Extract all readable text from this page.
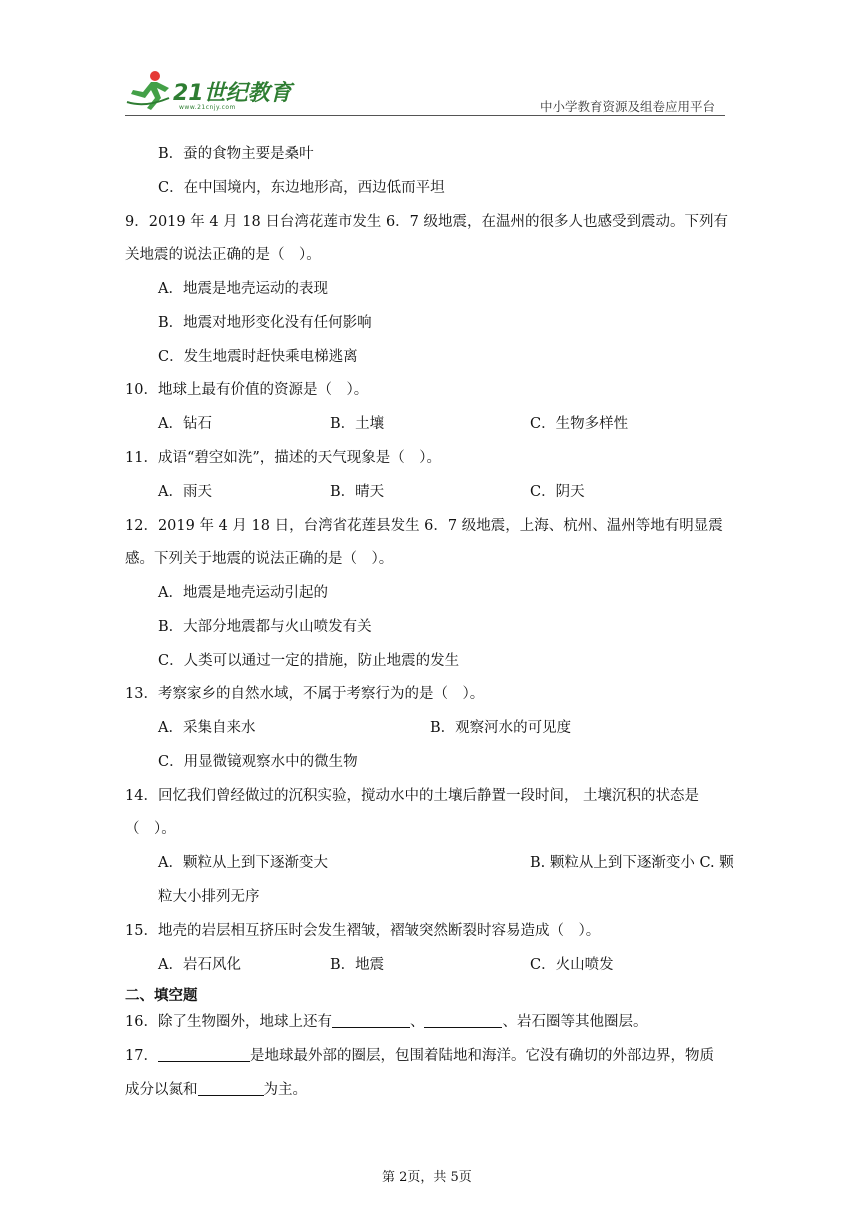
21世纪教育
www.21cnjy.com	中小学教育资源及组卷应用平台
B．蚕的食物主要是桑叶
C．在中国境内，东边地形高，西边低而平坦
9．2019 年 4 月 18 日台湾花莲市发生 6．7 级地震，在温州的很多人也感受到震动。下列有
关地震的说法正确的是（　）。
A．地震是地壳运动的表现
B．地震对地形变化没有任何影响
C．发生地震时赶快乘电梯逃离
10．地球上最有价值的资源是（　）。
A．钻石	B．土壤	C．生物多样性
11．成语“碧空如洗”，描述的天气现象是（　）。
A．雨天	B．晴天	C．阴天
12．2019 年 4 月 18 日，台湾省花莲县发生 6．7 级地震，上海、杭州、温州等地有明显震
感。下列关于地震的说法正确的是（　）。
A．地震是地壳运动引起的
B．大部分地震都与火山喷发有关
C．人类可以通过一定的措施，防止地震的发生
13．考察家乡的自然水域，不属于考察行为的是（　）。
A．采集自来水	B．观察河水的可见度
C．用显微镜观察水中的微生物
14．回忆我们曾经做过的沉积实验，搅动水中的土壤后静置一段时间， 土壤沉积的状态是
（　）。
A．颗粒从上到下逐渐变大	B. 颗粒从上到下逐渐变小 C. 颗
粒大小排列无序
15．地壳的岩层相互挤压时会发生褶皱，褶皱突然断裂时容易造成（　）。
A．岩石风化	B．地震	C．火山喷发
二、填空题
16．除了生物圈外，地球上还有	、	、岩石圈等其他圈层。
17．	是地球最外部的圈层，包围着陆地和海洋。它没有确切的外部边界，物质
成分以氮和	为主。
第 2页，共 5页
